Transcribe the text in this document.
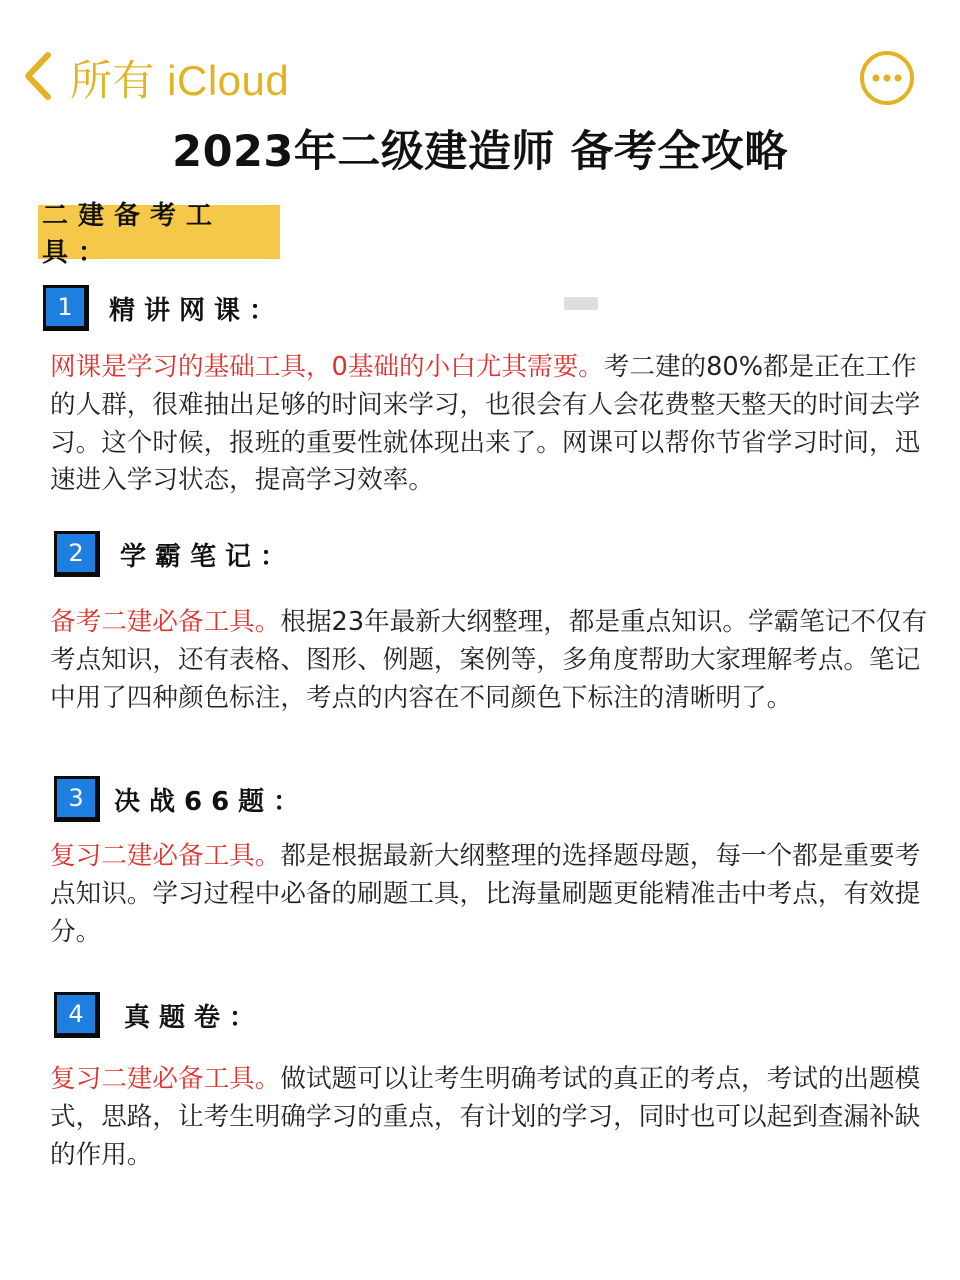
所有 iCloud
2023年二级建造师 备考全攻略
二建备考工具：
1	精讲网课：

网课是学习的基础工具，0基础的小白尤其需要。考二建的80%都是正在工作的人群，很难抽出足够的时间来学习，也很会有人会花费整天整天的时间去学习。这个时候，报班的重要性就体现出来了。网课可以帮你节省学习时间，迅速进入学习状态，提高学习效率。

2	学霸笔记：

备考二建必备工具。根据23年最新大纲整理，都是重点知识。学霸笔记不仅有考点知识，还有表格、图形、例题，案例等，多角度帮助大家理解考点。笔记中用了四种颜色标注，考点的内容在不同颜色下标注的清晰明了。

3	决战66题：

复习二建必备工具。都是根据最新大纲整理的选择题母题，每一个都是重要考点知识。学习过程中必备的刷题工具，比海量刷题更能精准击中考点，有效提分。

4	真题卷：

复习二建必备工具。做试题可以让考生明确考试的真正的考点，考试的出题模式，思路，让考生明确学习的重点，有计划的学习，同时也可以起到查漏补缺的作用。
